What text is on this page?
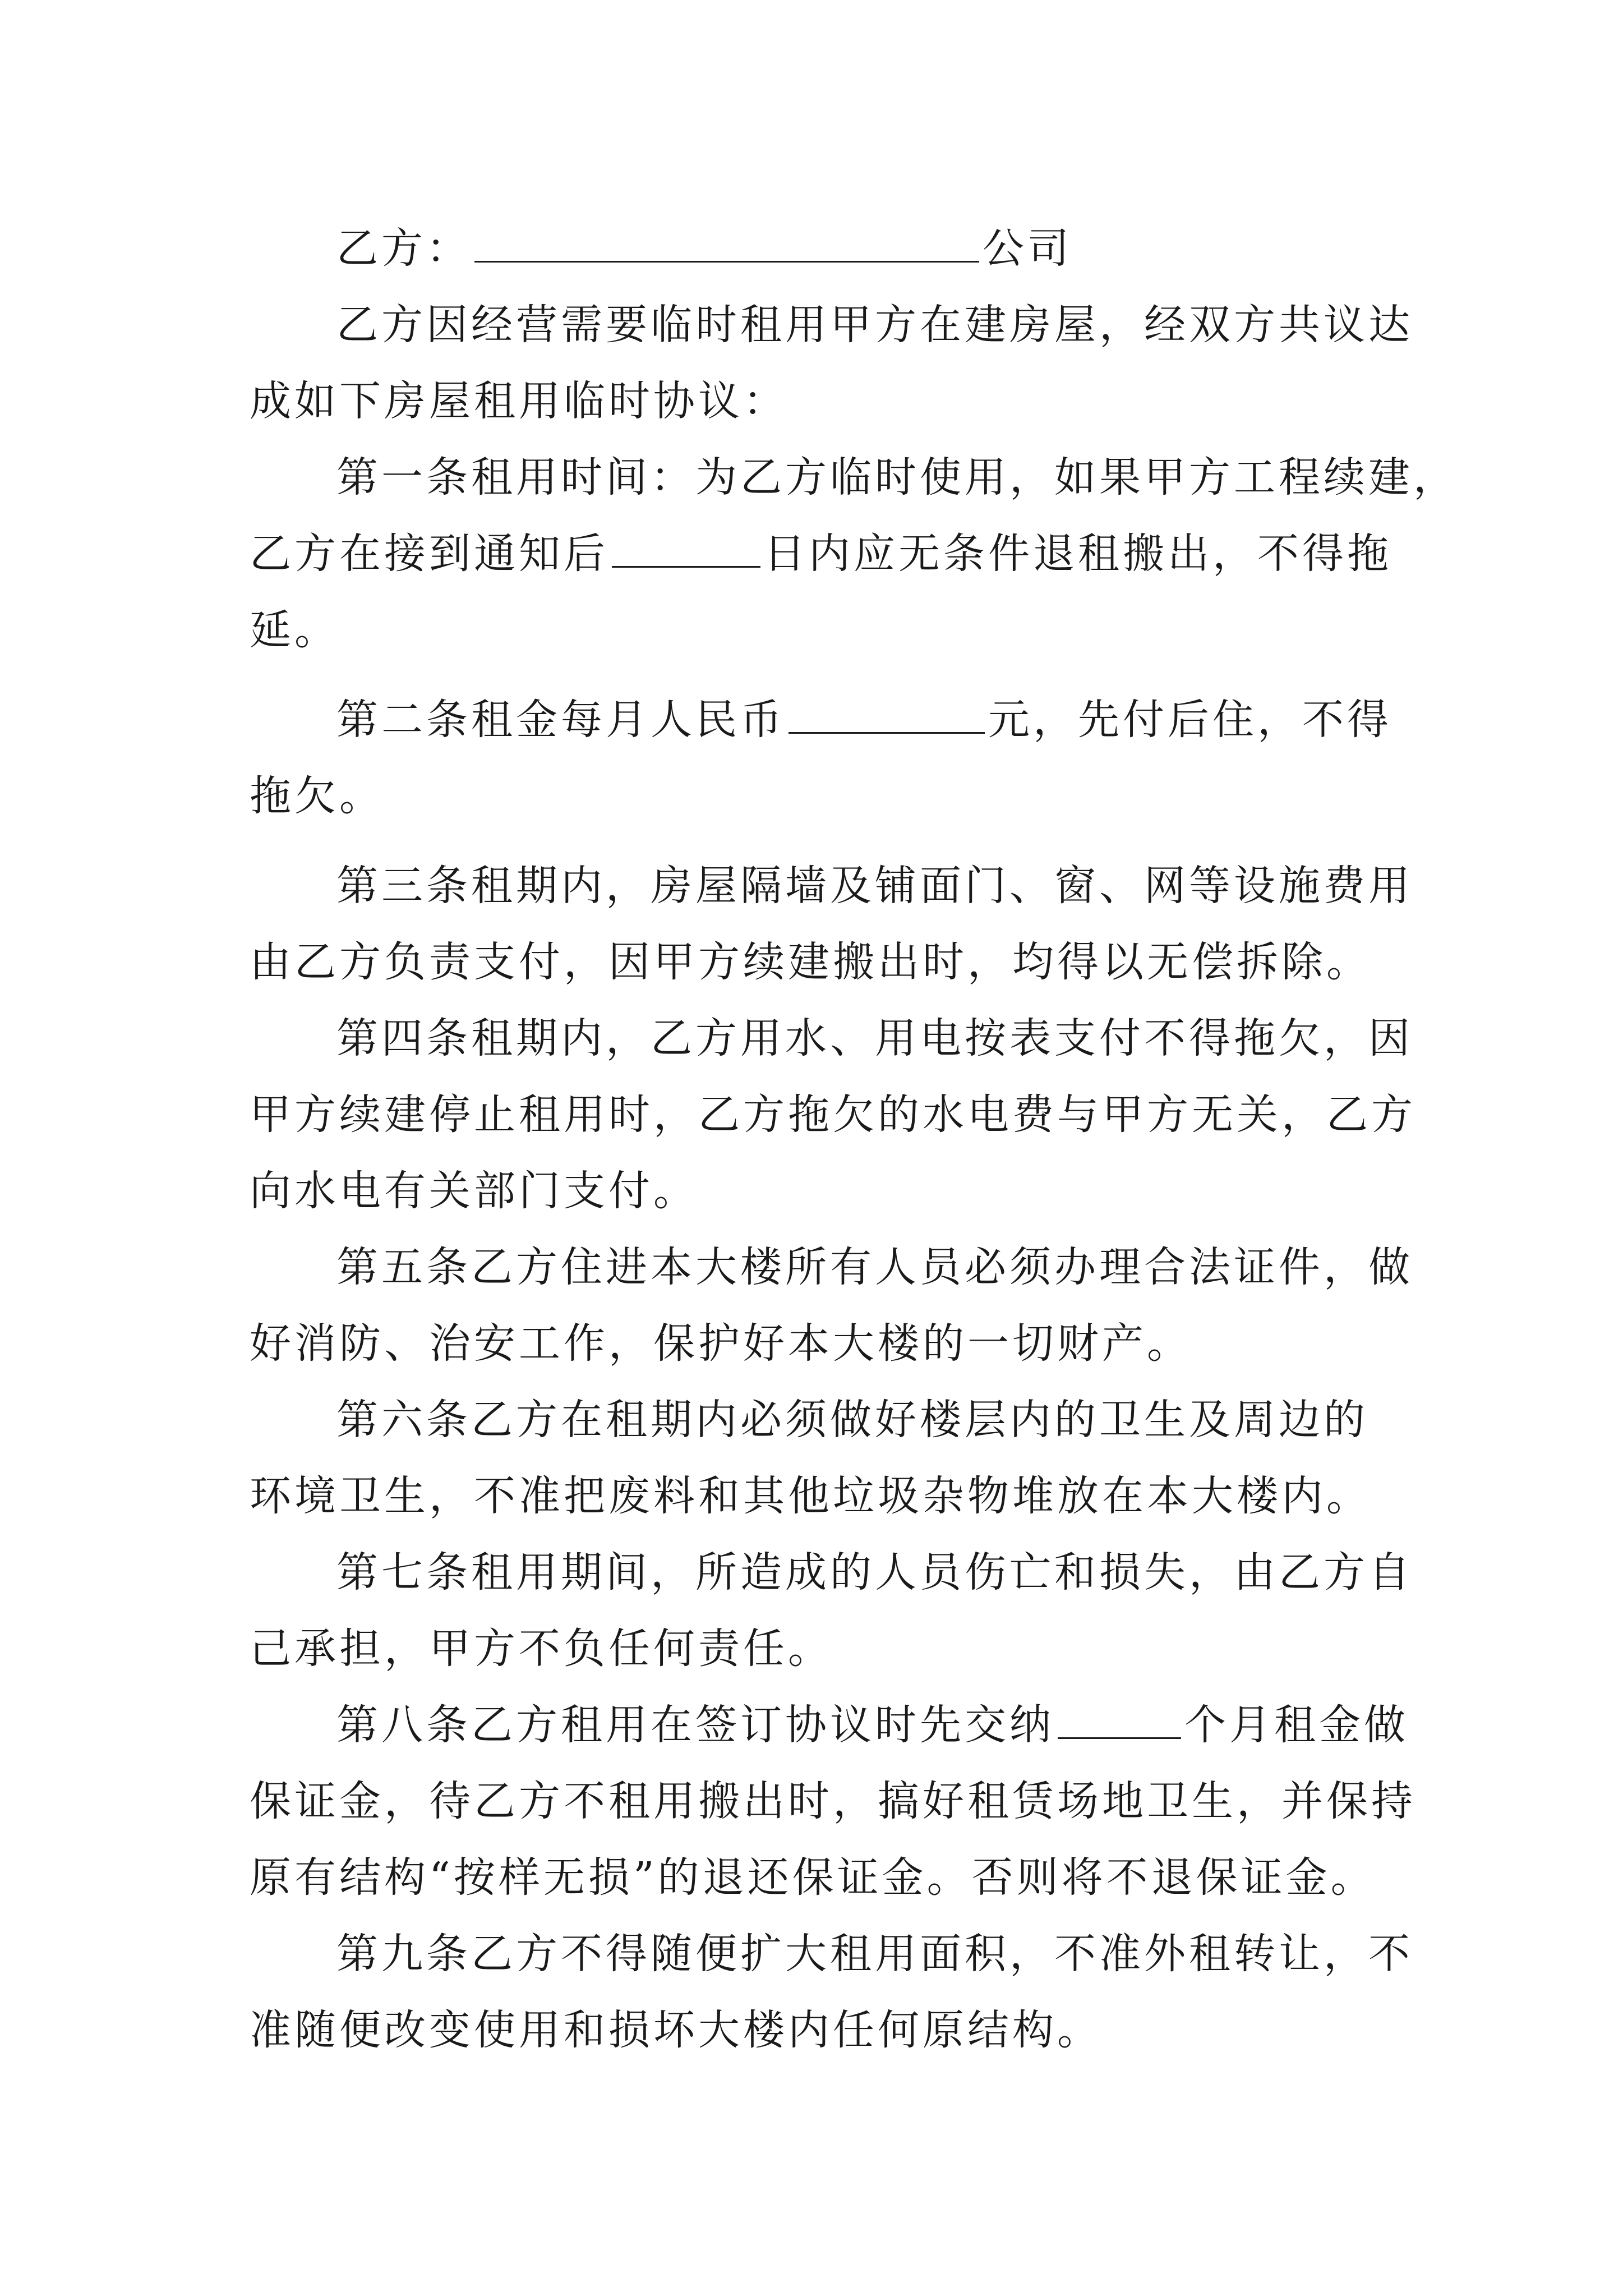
乙方：	公司
乙方因经营需要临时租用甲方在建房屋，经双方共议达
成如下房屋租用临时协议：
第一条租用时间：为乙方临时使用，如果甲方工程续建，
乙方在接到通知后	日内应无条件退租搬出，不得拖
延。
第二条租金每月人民币	元，先付后住，不得
拖欠。
第三条租期内，房屋隔墙及铺面门、窗、网等设施费用
由乙方负责支付，因甲方续建搬出时，均得以无偿拆除。
第四条租期内，乙方用水、用电按表支付不得拖欠，因
甲方续建停止租用时，乙方拖欠的水电费与甲方无关，乙方
向水电有关部门支付。
第五条乙方住进本大楼所有人员必须办理合法证件，做
好消防、治安工作，保护好本大楼的一切财产。
第六条乙方在租期内必须做好楼层内的卫生及周边的
环境卫生，不准把废料和其他垃圾杂物堆放在本大楼内。
第七条租用期间，所造成的人员伤亡和损失，由乙方自
己承担，甲方不负任何责任。
第八条乙方租用在签订协议时先交纳	个月租金做
保证金，待乙方不租用搬出时，搞好租赁场地卫生，并保持
原有结构“按样无损”的退还保证金。否则将不退保证金。
第九条乙方不得随便扩大租用面积，不准外租转让，不
准随便改变使用和损坏大楼内任何原结构。
